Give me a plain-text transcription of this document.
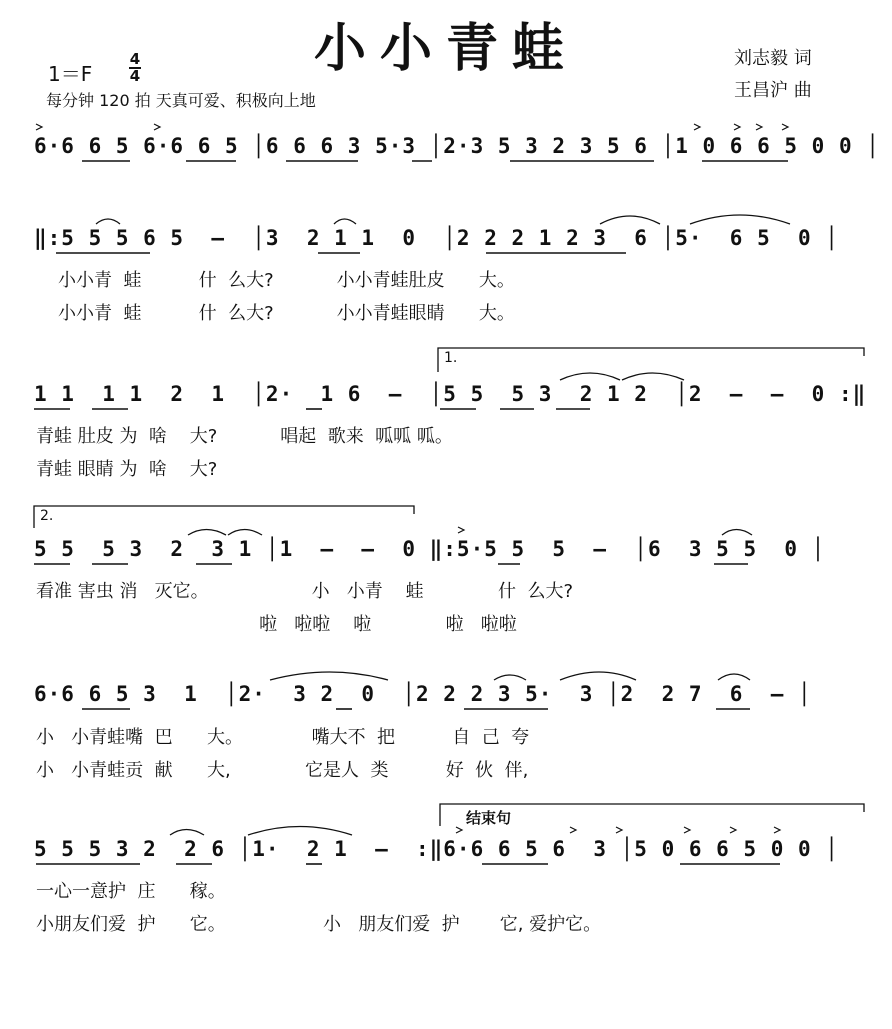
小小青蛙
1＝F
4
4
每分钟 120 拍 天真可爱、积极向上地
刘志毅 词
王昌沪 曲
6·6 6 5 6·6 6 5 │6 6 6 3 5·3 │2·3 5 3 2 3 5 6 │1 0 6 6 5 0 0 │
‖:5 5 5 6 5  —  │3  2 1 1  0  │2 2 2 1 2 3  6 │5·  6 5  0 │
小小青  蛙          什  么大?           小小青蛙肚皮      大。
小小青  蛙          什  么大?           小小青蛙眼睛      大。
1 1  1 1  2  1  │2·  1 6  —  │5 5  5 3  2 1 2  │2  —  —  0 :‖
青蛙 肚皮 为  啥    大?           唱起  歌来  呱呱 呱。
青蛙 眼睛 为  啥    大?
5 5  5 3  2  3 1 │1  —  —  0 ‖:5·5 5  5  —  │6  3 5 5  0 │
看准 害虫 消   灭它。                  小   小青    蛙             什  么大?
啦   啦啦    啦             啦   啦啦
6·6 6 5 3  1  │2·  3 2  0  │2 2 2 3 5·  3 │2  2 7  6  — │
小   小青蛙嘴  巴      大。            嘴大不  把          自  己  夸
小   小青蛙贡  献      大,             它是人  类          好  伙  伴,
5 5 5 3 2  2 6 │1·  2 1  —  :‖6·6 6 5 6  3 │5 0 6 6 5 0 0 │
一心一意护  庄      稼。
小朋友们爱  护      它。                 小   朋友们爱  护       它, 爱护它。
1.
2.
结束句
